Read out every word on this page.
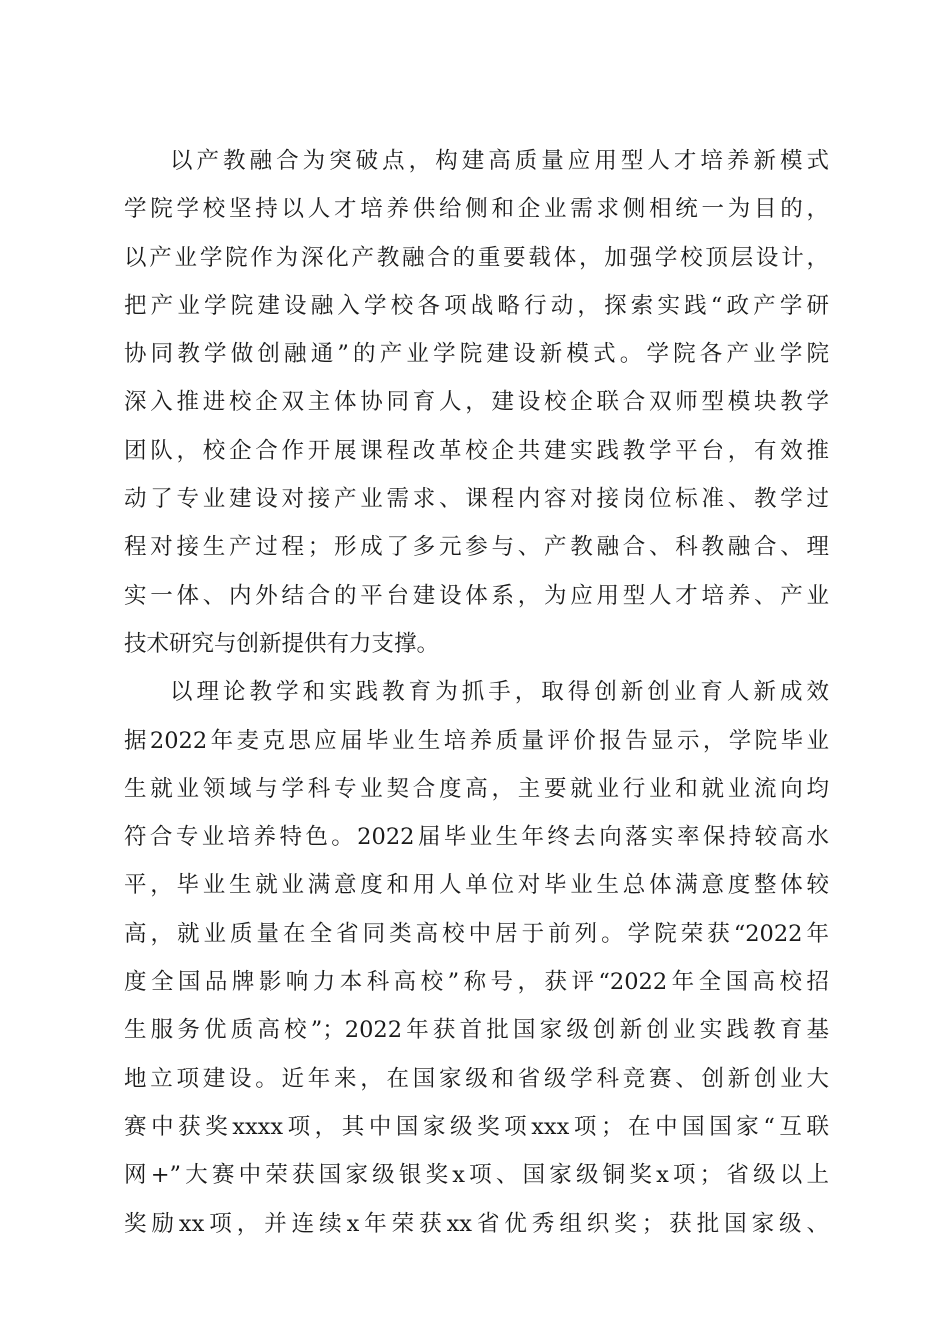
以产教融合为突破点，构建高质量应用型人才培养新模式
学院学校坚持以人才培养供给侧和企业需求侧相统一为目的，
以产业学院作为深化产教融合的重要载体，加强学校顶层设计，
把产业学院建设融入学校各项战略行动，探索实践“政产学研
协同教学做创融通”的产业学院建设新模式。学院各产业学院
深入推进校企双主体协同育人，建设校企联合双师型模块教学
团队，校企合作开展课程改革校企共建实践教学平台，有效推
动了专业建设对接产业需求、课程内容对接岗位标准、教学过
程对接生产过程；形成了多元参与、产教融合、科教融合、理
实一体、内外结合的平台建设体系，为应用型人才培养、产业
技术研究与创新提供有力支撑。
以理论教学和实践教育为抓手，取得创新创业育人新成效
据2022年麦克思应届毕业生培养质量评价报告显示，学院毕业
生就业领域与学科专业契合度高，主要就业行业和就业流向均
符合专业培养特色。2022届毕业生年终去向落实率保持较高水
平，毕业生就业满意度和用人单位对毕业生总体满意度整体较
高，就业质量在全省同类高校中居于前列。学院荣获“2022年
度全国品牌影响力本科高校”称号，获评“2022年全国高校招
生服务优质高校”；2022年获首批国家级创新创业实践教育基
地立项建设。近年来，在国家级和省级学科竞赛、创新创业大
赛中获奖xxxx项，其中国家级奖项xxx项；在中国国家“互联
网+”大赛中荣获国家级银奖x项、国家级铜奖x项；省级以上
奖励xx项，并连续x年荣获xx省优秀组织奖；获批国家级、
